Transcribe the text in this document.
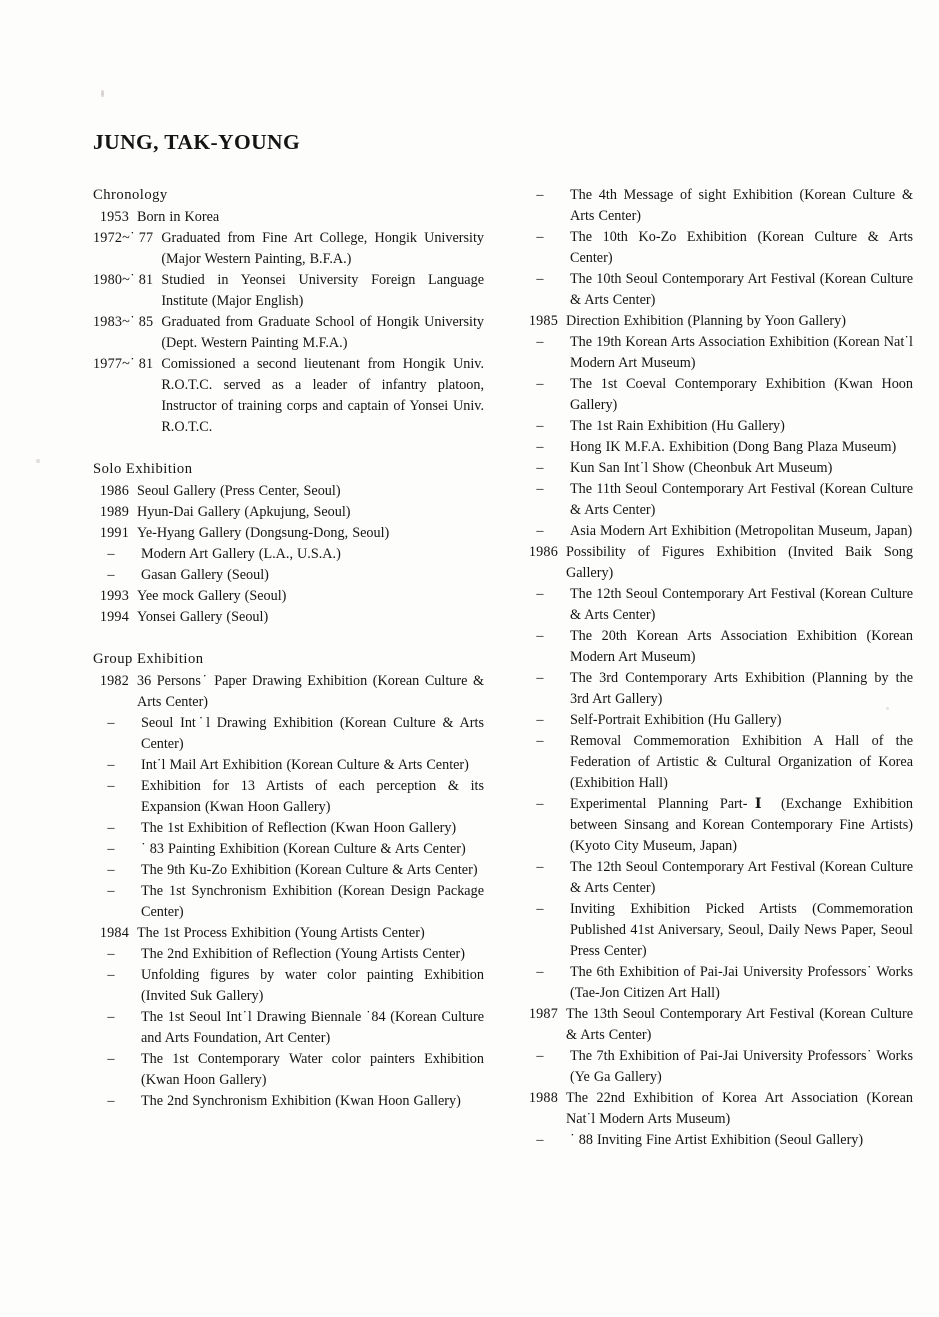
JUNG, TAK-YOUNG
Chronology
1953 Born in Korea
1972~˙ 77 Graduated from Fine Art College, Hongik University (Major Western Painting, B.F.A.)
1980~˙ 81 Studied in Yeonsei University Foreign Language Institute (Major English)
1983~˙ 85 Graduated from Graduate School of Hongik University (Dept. Western Painting M.F.A.)
1977~˙ 81 Comissioned a second lieutenant from Hongik Univ. R.O.T.C. served as a leader of infantry platoon, Instructor of training corps and captain of Yonsei Univ. R.O.T.C.
Solo Exhibition
1986 Seoul Gallery (Press Center, Seoul)
1989 Hyun-Dai Gallery (Apkujung, Seoul)
1991 Ye-Hyang Gallery (Dongsung-Dong, Seoul)
–	Modern Art Gallery (L.A., U.S.A.)
–	Gasan Gallery (Seoul)
1993 Yee mock Gallery (Seoul)
1994 Yonsei Gallery (Seoul)
Group Exhibition
1982 36 Persons˙ Paper Drawing Exhibition (Korean Culture & Arts Center)
–	Seoul Int˙l Drawing Exhibition (Korean Culture & Arts Center)
–	Int˙l Mail Art Exhibition (Korean Culture & Arts Center)
–	Exhibition for 13 Artists of each perception & its Expansion (Kwan Hoon Gallery)
–	The 1st Exhibition of Reflection (Kwan Hoon Gallery)
–	˙ 83 Painting Exhibition (Korean Culture & Arts Center)
–	The 9th Ku-Zo Exhibition (Korean Culture & Arts Center)
–	The 1st Synchronism Exhibition (Korean Design Package Center)
1984 The 1st Process Exhibition (Young Artists Center)
–	The 2nd Exhibition of Reflection (Young Artists Center)
–	Unfolding figures by water color painting Exhibition (Invited Suk Gallery)
–	The 1st Seoul Int˙l Drawing Biennale ˙84 (Korean Culture and Arts Foundation, Art Center)
–	The 1st Contemporary Water color painters Exhibition (Kwan Hoon Gallery)
–	The 2nd Synchronism Exhibition (Kwan Hoon Gallery)
–	The 4th Message of sight Exhibition (Korean Culture & Arts Center)
–	The 10th Ko-Zo Exhibition (Korean Culture & Arts Center)
–	The 10th Seoul Contemporary Art Festival (Korean Culture & Arts Center)
1985 Direction Exhibition (Planning by Yoon Gallery)
–	The 19th Korean Arts Association Exhibition (Korean Nat˙l Modern Art Museum)
–	The 1st Coeval Contemporary Exhibition (Kwan Hoon Gallery)
–	The 1st Rain Exhibition (Hu Gallery)
–	Hong IK M.F.A. Exhibition (Dong Bang Plaza Museum)
–	Kun San Int˙l Show (Cheonbuk Art Museum)
–	The 11th Seoul Contemporary Art Festival (Korean Culture & Arts Center)
–	Asia Modern Art Exhibition (Metropolitan Museum, Japan)
1986 Possibility of Figures Exhibition (Invited Baik Song Gallery)
–	The 12th Seoul Contemporary Art Festival (Korean Culture & Arts Center)
–	The 20th Korean Arts Association Exhibition (Korean Modern Art Museum)
–	The 3rd Contemporary Arts Exhibition (Planning by the 3rd Art Gallery)
–	Self-Portrait Exhibition (Hu Gallery)
–	Removal Commemoration Exhibition A Hall of the Federation of Artistic & Cultural Organization of Korea (Exhibition Hall)
–	Experimental Planning Part-Ⅰ (Exchange Exhibition between Sinsang and Korean Contemporary Fine Artists) (Kyoto City Museum, Japan)
–	The 12th Seoul Contemporary Art Festival (Korean Culture & Arts Center)
–	Inviting Exhibition Picked Artists (Commemoration Published 41st Aniversary, Seoul, Daily News Paper, Seoul Press Center)
–	The 6th Exhibition of Pai-Jai University Professors˙ Works (Tae-Jon Citizen Art Hall)
1987 The 13th Seoul Contemporary Art Festival (Korean Culture & Arts Center)
–	The 7th Exhibition of Pai-Jai University Professors˙ Works (Ye Ga Gallery)
1988 The 22nd Exhibition of Korea Art Association (Korean Nat˙l Modern Arts Museum)
–	˙ 88 Inviting Fine Artist Exhibition (Seoul Gallery)
